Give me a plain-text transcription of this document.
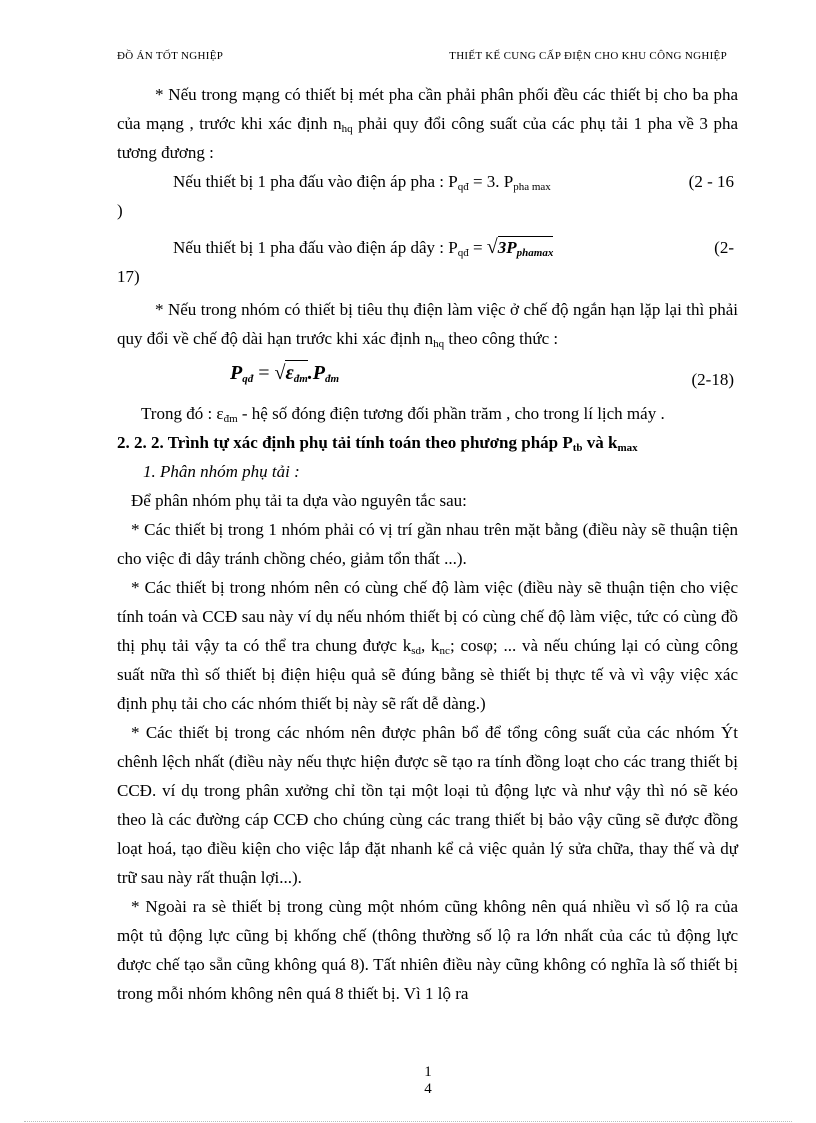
ĐỒ ÁN TỐT NGHIỆP	THIẾT KẾ CUNG CẤP ĐIỆN CHO KHU CÔNG NGHIỆP

* Nếu trong mạng có thiết bị mét pha cần phải phân phối đều các thiết bị cho ba pha của mạng , trước khi xác định $n_{hq}$ phải quy đổi công suất của các phụ tải 1 pha về 3 pha tương đương :

Nếu thiết bị 1 pha đấu vào điện áp pha : $P_{qđ} = 3$. $P_{pha max}$	(2 - 16

)

Nếu thiết bị 1 pha đấu vào điện áp dây : $P_{qđ} = √3P_{phamax}$	(2-

17)

* Nếu trong nhóm có thiết bị tiêu thụ điện làm việc ở chế độ ngắn hạn lặp lại thì phải quy đổi về chế độ dài hạn trước khi xác định $n_{hq}$ theo công thức :

$P_{qđ} = √\varepsilon_{đm}.P_{đm}$	(2-18)

Trong đó : $\varepsilon_{đm}$ - hệ số đóng điện tương đối phần trăm , cho trong lí lịch máy .

2. 2. 2. Trình tự xác định phụ tải tính toán theo phương pháp $P_{tb}$ và $k_{max}$

1. Phân nhóm phụ tải :

Để phân nhóm phụ tải ta dựa vào nguyên tắc sau:

* Các thiết bị trong 1 nhóm phải có vị trí gần nhau trên mặt bằng (điều này sẽ thuận tiện cho việc đi dây tránh chồng chéo, giảm tổn thất ...).

* Các thiết bị trong nhóm nên có cùng chế độ làm việc (điều này sẽ thuận tiện cho việc tính toán và CCĐ sau này ví dụ nếu nhóm thiết bị có cùng chế độ làm việc, tức có cùng đồ thị phụ tải vậy ta có thể tra chung được $k_{sd}$, $k_{nc}$; cosφ; ... và nếu chúng lại có cùng công suất nữa thì số thiết bị điện hiệu quả sẽ đúng bằng sè thiết bị thực tế và vì vậy việc xác định phụ tải cho các nhóm thiết bị này sẽ rất dễ dàng.)

* Các thiết bị trong các nhóm nên được phân bổ để tổng công suất của các nhóm Ýt chênh lệch nhất (điều này nếu thực hiện được sẽ tạo ra tính đồng loạt cho các trang thiết bị CCĐ. ví dụ trong phân xưởng chỉ tồn tại một loại tủ động lực và như vậy thì nó sẽ kéo theo là các đường cáp CCĐ cho chúng cùng các trang thiết bị bảo vậy cũng sẽ được đồng loạt hoá, tạo điều kiện cho việc lắp đặt nhanh kể cả việc quản lý sửa chữa, thay thế và dự trữ sau này rất thuận lợi...).

* Ngoài ra sè thiết bị trong cùng một nhóm cũng không nên quá nhiều vì số lộ ra của một tủ động lực cũng bị khống chế (thông thường số lộ ra lớn nhất của các tủ động lực được chế tạo sẵn cũng không quá 8). Tất nhiên điều này cũng không có nghĩa là số thiết bị trong mỗi nhóm không nên quá 8 thiết bị. Vì 1 lộ ra

1
4
